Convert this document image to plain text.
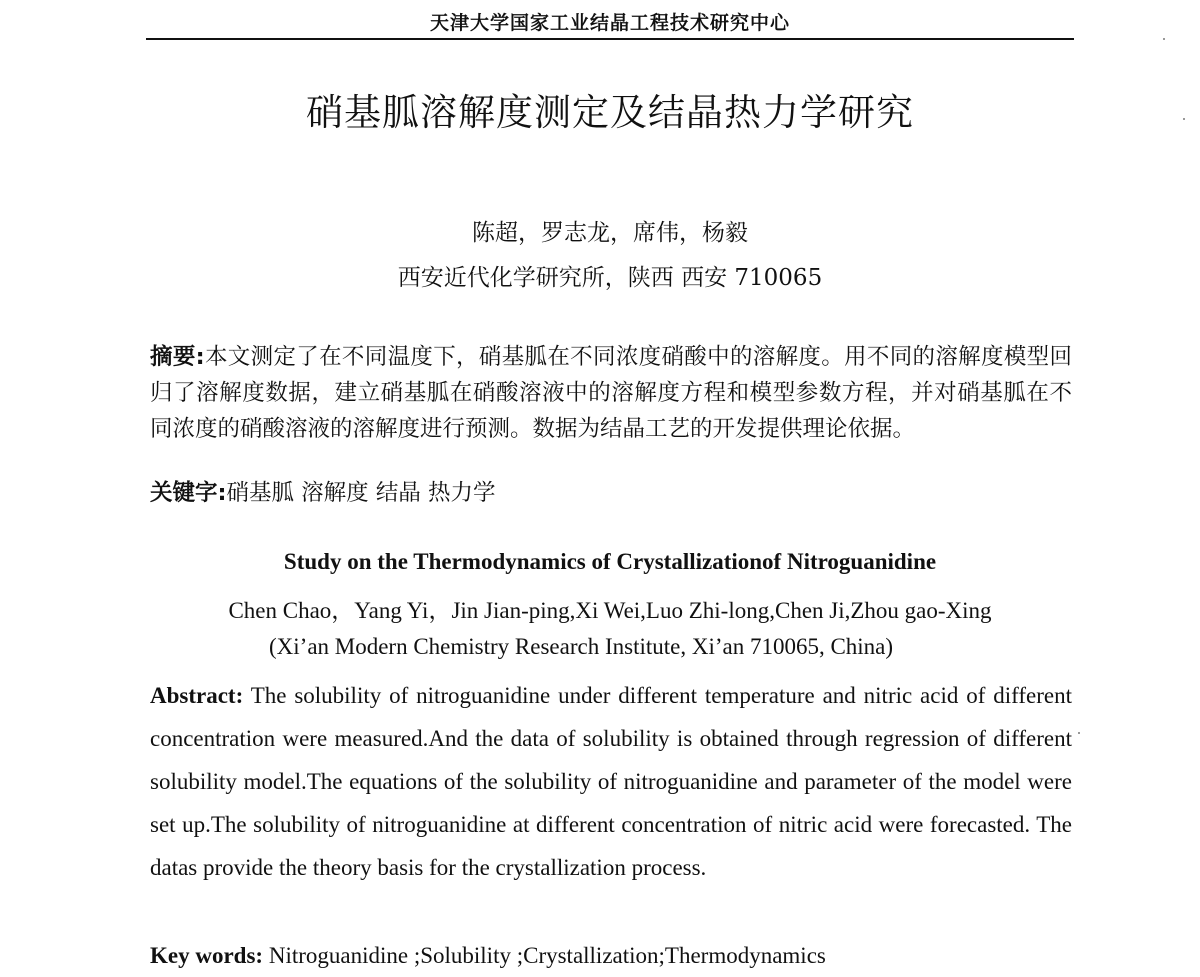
天津大学国家工业结晶工程技术研究中心
硝基胍溶解度测定及结晶热力学研究
陈超，罗志龙，席伟，杨毅
西安近代化学研究所，陕西 西安 710065
摘要:本文测定了在不同温度下，硝基胍在不同浓度硝酸中的溶解度。用不同的溶解度模型回归了溶解度数据，建立硝基胍在硝酸溶液中的溶解度方程和模型参数方程，并对硝基胍在不同浓度的硝酸溶液的溶解度进行预测。数据为结晶工艺的开发提供理论依据。
关键字:硝基胍 溶解度 结晶 热力学
Study on the Thermodynamics of Crystallizationof Nitroguanidine
Chen Chao，Yang Yi，Jin Jian-ping,Xi Wei,Luo Zhi-long,Chen Ji,Zhou gao-Xing
(Xi’an Modern Chemistry Research Institute, Xi’an 710065, China)
Abstract: The solubility of nitroguanidine under different temperature and nitric acid of different concentration were measured.And the data of solubility is obtained through regression of different solubility model.The equations of the solubility of nitroguanidine and parameter of the model were set up.The solubility of nitroguanidine at different concentration of nitric acid were forecasted. The datas provide the theory basis for the crystallization process.
Key words: Nitroguanidine ;Solubility ;Crystallization;Thermodynamics
